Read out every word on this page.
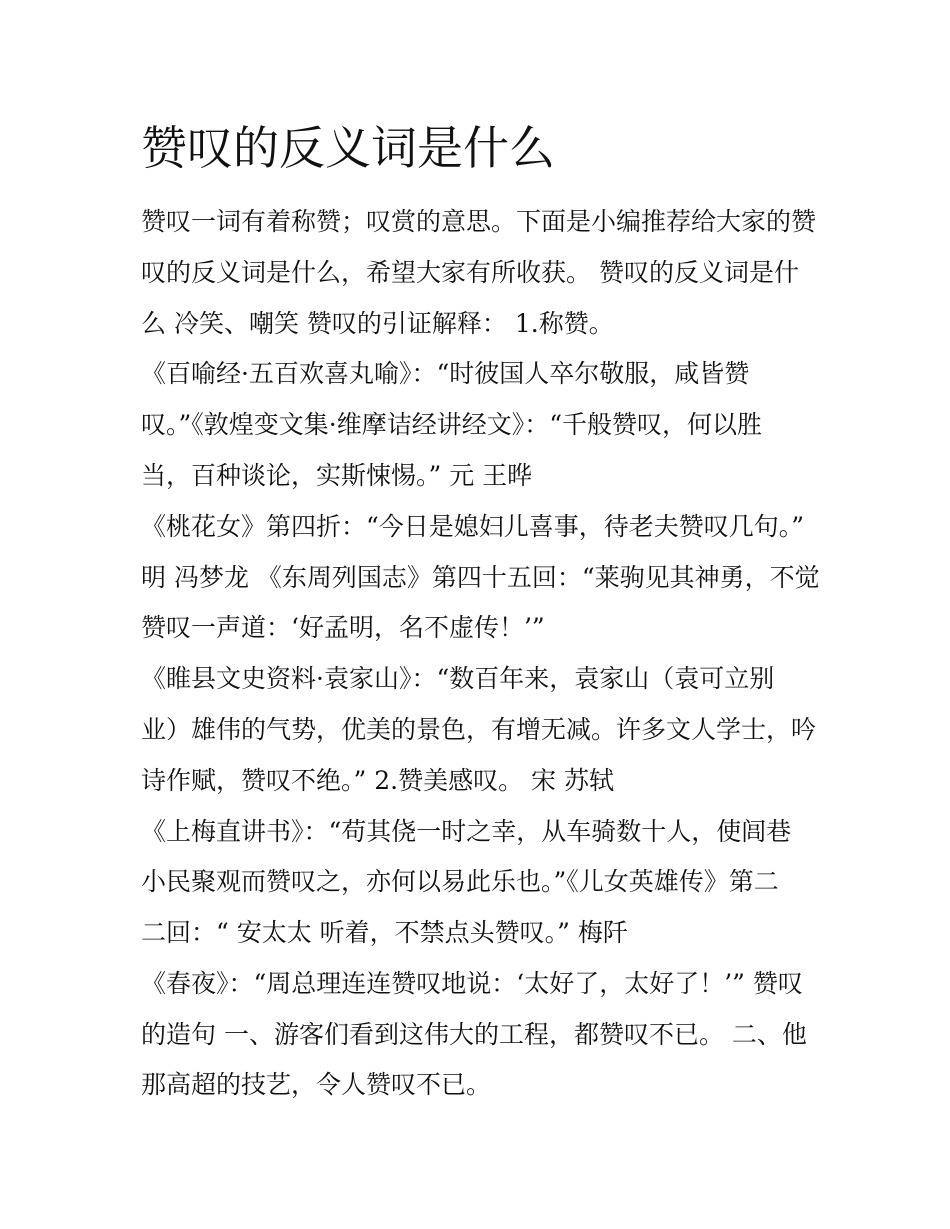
赞叹的反义词是什么

赞叹一词有着称赞；叹赏的意思。下面是小编推荐给大家的赞

叹的反义词是什么，希望大家有所收获。 赞叹的反义词是什

么 冷笑、嘲笑 赞叹的引证解释： 1.称赞。

《百喻经·五百欢喜丸喻》：“时彼国人卒尔敬服，咸皆赞

叹。”《敦煌变文集·维摩诘经讲经文》：“千般赞叹，何以胜

当，百种谈论，实斯悚惕。” 元 王晔

《桃花女》第四折：“今日是媳妇儿喜事，待老夫赞叹几句。”

明 冯梦龙 《东周列国志》第四十五回：“莱驹见其神勇，不觉

赞叹一声道：‘好孟明，名不虚传！’”

《睢县文史资料·袁家山》：“数百年来，袁家山（袁可立别

业）雄伟的气势，优美的景色，有增无减。许多文人学士，吟

诗作赋，赞叹不绝。” 2.赞美感叹。 宋 苏轼

《上梅直讲书》：“苟其侥一时之幸，从车骑数十人，使闾巷

小民聚观而赞叹之，亦何以易此乐也。”《儿女英雄传》第二

二回：“ 安太太 听着，不禁点头赞叹。” 梅阡

《春夜》：“周总理连连赞叹地说：‘太好了，太好了！’” 赞叹

的造句 一、游客们看到这伟大的工程，都赞叹不已。 二、他

那高超的技艺，令人赞叹不已。
